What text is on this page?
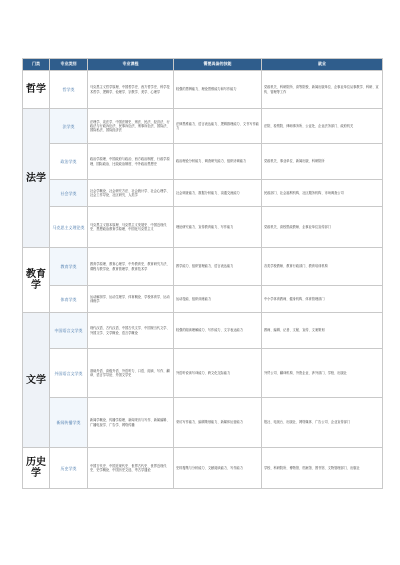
门类	专业类别	专业课程	需要具备的技能	就业
哲学	哲学类	马克思主义哲学原理、中国哲学史、西方哲学史、科学技术哲学、逻辑学、伦理学、宗教学、美学、心理学	较强的思辨能力、理论思维能力和写作能力	党政机关、科研院所、高等院校、新闻出版单位、企事业单位从事教学、科研、宣传、管理等工作
法学	法学类	法理学、宪法学、中国法制史、刑法、民法、经济法、行政法与行政诉讼法、民事诉讼法、刑事诉讼法、国际法、国际私法、国际经济法	法律思维能力、语言表达能力、逻辑推理能力、文书写作能力	法院、检察院、律师事务所、公证处、企业法务部门、政府机关
	政治学类	政治学原理、中国政府与政治、西方政治制度、行政学原理、国际政治、比较政治制度、中外政治思想史	政治理论分析能力、调查研究能力、组织协调能力	党政机关、事业单位、新闻出版、科研院所
	社会学类	社会学概论、社会研究方法、社会统计学、社会心理学、社会工作导论、社区研究、人类学	社会调查能力、数据分析能力、沟通交流能力	民政部门、社会福利机构、社区服务机构、市场调查公司
	马克思主义理论类	马克思主义基本原理、马克思主义发展史、中国近现代史、思想政治教育学原理、中国化马克思主义	理论研究能力、宣传教育能力、写作能力	党政机关、高校思政教师、企事业单位宣传部门
教育学	教育学类	教育学原理、教育心理学、中外教育史、教育研究方法、课程与教学论、教育管理学、教育技术学	教学能力、组织管理能力、语言表达能力	各类学校教师、教育行政部门、教育培训机构
	体育学类	运动解剖学、运动生理学、体育概论、学校体育学、运动训练学	运动技能、组织训练能力	中小学体育教师、健身机构、体育管理部门
文学	中国语言文学类	现代汉语、古代汉语、中国古代文学、中国现当代文学、外国文学、文学概论、语言学概论	较强的阅读理解能力、写作能力、文字表达能力	教师、编辑、记者、文秘、宣传、文案策划
	外国语言文学类	基础外语、高级外语、外语听力、口语、阅读、写作、翻译、语言学导论、外国文学史	外语听说读写译能力、跨文化交际能力	外贸公司、翻译机构、外资企业、涉外部门、学校、出版社
	新闻传播学类	新闻学概论、传播学原理、新闻采访与写作、新闻编辑、广播电视学、广告学、网络传播	采访写作能力、编辑策划能力、新媒体运营能力	报社、电视台、出版社、网络媒体、广告公司、企业宣传部门
历史学	历史学类	中国古代史、中国近现代史、世界古代史、世界近现代史、史学概论、中国历史文选、考古学通论	史料搜集与分析能力、文献阅读能力、写作能力	学校、科研院所、博物馆、档案馆、图书馆、文物管理部门、出版社
